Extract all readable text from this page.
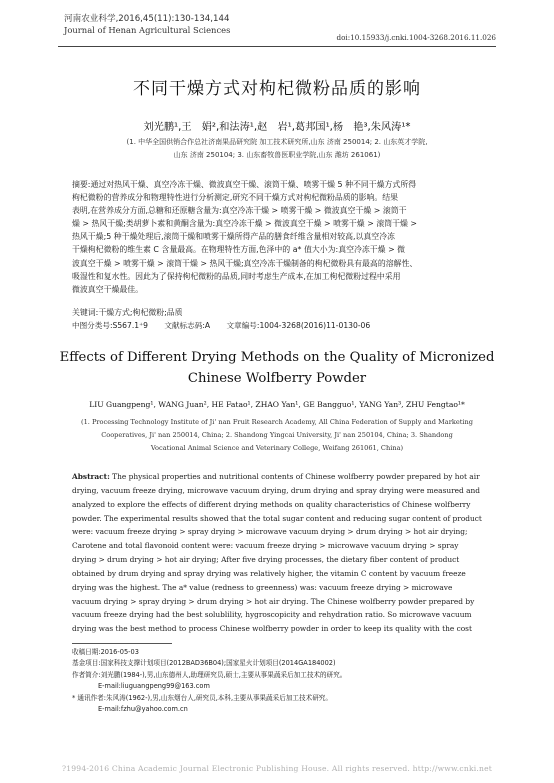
河南农业科学,2016,45(11):130-134,144
Journal of Henan Agricultural Sciences
doi:10.15933/j.cnki.1004-3268.2016.11.026
不同干燥方式对枸杞微粉品质的影响
刘光鹏¹,王　娟²,和法涛¹,赵　岩¹,葛邦国¹,杨　艳³,朱风涛¹*
(1. 中华全国供销合作总社济南果品研究院 加工技术研究所,山东 济南 250014; 2. 山东英才学院,
山东 济南 250104; 3. 山东畜牧兽医职业学院,山东 潍坊 261061)
摘要:通过对热风干燥、真空冷冻干燥、微波真空干燥、滚筒干燥、喷雾干燥 5 种不同干燥方式所得
枸杞微粉的营养成分和物理特性进行分析测定,研究不同干燥方式对枸杞微粉品质的影响。结果
表明,在营养成分方面,总糖和还原糖含量为:真空冷冻干燥 > 喷雾干燥 > 微波真空干燥 > 滚筒干
燥 > 热风干燥;类胡萝卜素和黄酮含量为:真空冷冻干燥 > 微波真空干燥 > 喷雾干燥 > 滚筒干燥 >
热风干燥;5 种干燥处理后,滚筒干燥和喷雾干燥所得产品的膳食纤维含量相对较高,以真空冷冻
干燥枸杞微粉的维生素 C 含量最高。在物理特性方面,色泽中的 a* 值大小为:真空冷冻干燥 > 微
波真空干燥 > 喷雾干燥 > 滚筒干燥 > 热风干燥;真空冷冻干燥制备的枸杞微粉具有最高的溶解性、
吸湿性和复水性。因此为了保持枸杞微粉的品质,同时考虑生产成本,在加工枸杞微粉过程中采用
微波真空干燥最佳。
关键词:干燥方式;枸杞微粉;品质
中图分类号:S567.1⁺9 文献标志码:A 文章编号:1004-3268(2016)11-0130-06
Effects of Different Drying Methods on the Quality of Micronized
Chinese Wolfberry Powder
LIU Guangpeng¹, WANG Juan², HE Fatao¹, ZHAO Yan¹, GE Bangguo¹, YANG Yan³, ZHU Fengtao¹*
(1. Processing Technology Institute of Ji' nan Fruit Research Academy, All China Federation of Supply and Marketing
Cooperatives, Ji' nan 250014, China; 2. Shandong Yingcai University, Ji' nan 250104, China; 3. Shandong
Vocational Animal Science and Veterinary College, Weifang 261061, China)
Abstract: The physical properties and nutritional contents of Chinese wolfberry powder prepared by hot air
drying, vacuum freeze drying, microwave vacuum drying, drum drying and spray drying were measured and
analyzed to explore the effects of different drying methods on quality characteristics of Chinese wolfberry
powder. The experimental results showed that the total sugar content and reducing sugar content of product
were: vacuum freeze drying > spray drying > microwave vacuum drying > drum drying > hot air drying;
Carotene and total flavonoid content were: vacuum freeze drying > microwave vacuum drying > spray
drying > drum drying > hot air drying; After five drying processes, the dietary fiber content of product
obtained by drum drying and spray drying was relatively higher, the vitamin C content by vacuum freeze
drying was the highest. The a* value (redness to greenness) was: vacuum freeze drying > microwave
vacuum drying > spray drying > drum drying > hot air drying. The Chinese wolfberry powder prepared by
vacuum freeze drying had the best solublility, hygroscopicity and rehydration ratio. So microwave vacuum
drying was the best method to process Chinese wolfberry powder in order to keep its quality with the cost
收稿日期:2016-05-03
基金项目:国家科技支撑计划项目(2012BAD36B04);国家星火计划项目(2014GA184002)
作者简介:刘光鹏(1984-),男,山东德州人,助理研究员,硕士,主要从事果蔬采后加工技术的研究。
E-mail:liuguangpeng99@163.com
* 通讯作者:朱风涛(1962-),男,山东烟台人,研究员,本科,主要从事果蔬采后加工技术研究。
E-mail:fzhu@yahoo.com.cn
?1994-2016 China Academic Journal Electronic Publishing House. All rights reserved. http://www.cnki.net
